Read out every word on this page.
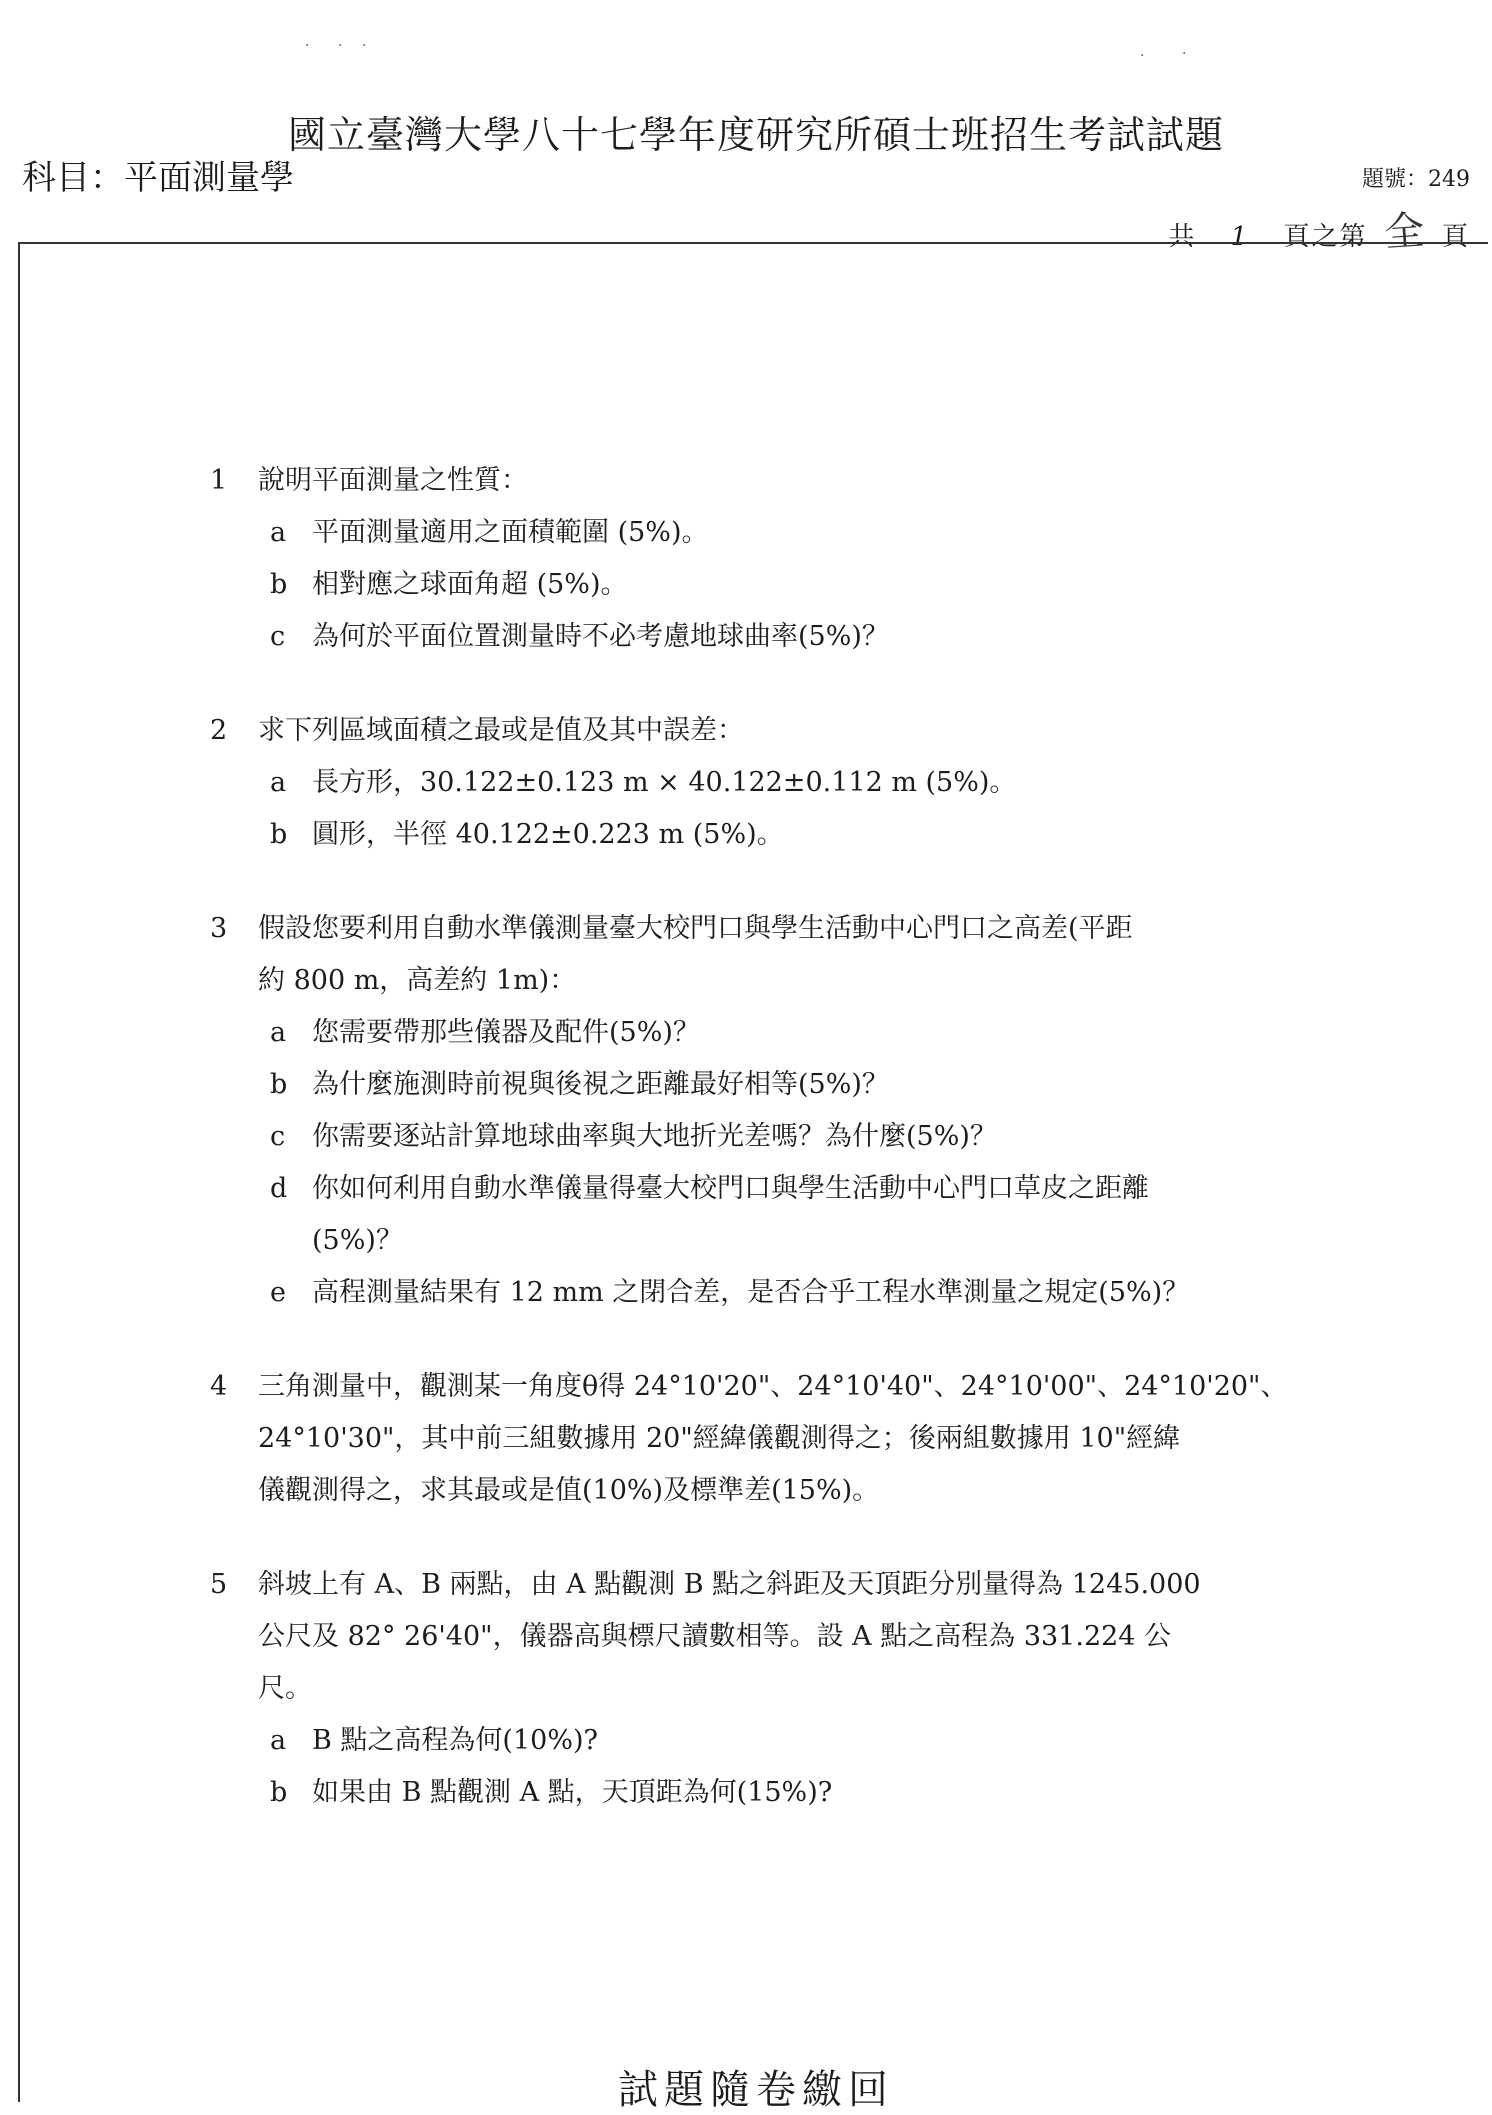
· · ·
·	·
國立臺灣大學八十七學年度研究所碩士班招生考試試題
科目：平面測量學	題號：249
共 1 頁之第 全 頁
1	說明平面測量之性質：
a 平面測量適用之面積範圍 (5%)。
b 相對應之球面角超 (5%)。
c 為何於平面位置測量時不必考慮地球曲率(5%)？
2	求下列區域面積之最或是值及其中誤差：
a 長方形，30.122±0.123 m × 40.122±0.112 m (5%)。
b 圓形，半徑 40.122±0.223 m (5%)。
3	假設您要利用自動水準儀測量臺大校門口與學生活動中心門口之高差(平距
約 800 m，高差約 1m)：
a 您需要帶那些儀器及配件(5%)？
b 為什麼施測時前視與後視之距離最好相等(5%)？
c 你需要逐站計算地球曲率與大地折光差嗎？為什麼(5%)？
d 你如何利用自動水準儀量得臺大校門口與學生活動中心門口草皮之距離
(5%)？
e 高程測量結果有 12 mm 之閉合差，是否合乎工程水準測量之規定(5%)？
4	三角測量中，觀測某一角度θ得 24°10'20"、24°10'40"、24°10'00"、24°10'20"、
24°10'30"，其中前三組數據用 20"經緯儀觀測得之；後兩組數據用 10"經緯
儀觀測得之，求其最或是值(10%)及標準差(15%)。
5	斜坡上有 A、B 兩點，由 A 點觀測 B 點之斜距及天頂距分別量得為 1245.000
公尺及 82° 26'40"，儀器高與標尺讀數相等。設 A 點之高程為 331.224 公
尺。
a B 點之高程為何(10%)?
b 如果由 B 點觀測 A 點，天頂距為何(15%)?
試題隨卷繳回
